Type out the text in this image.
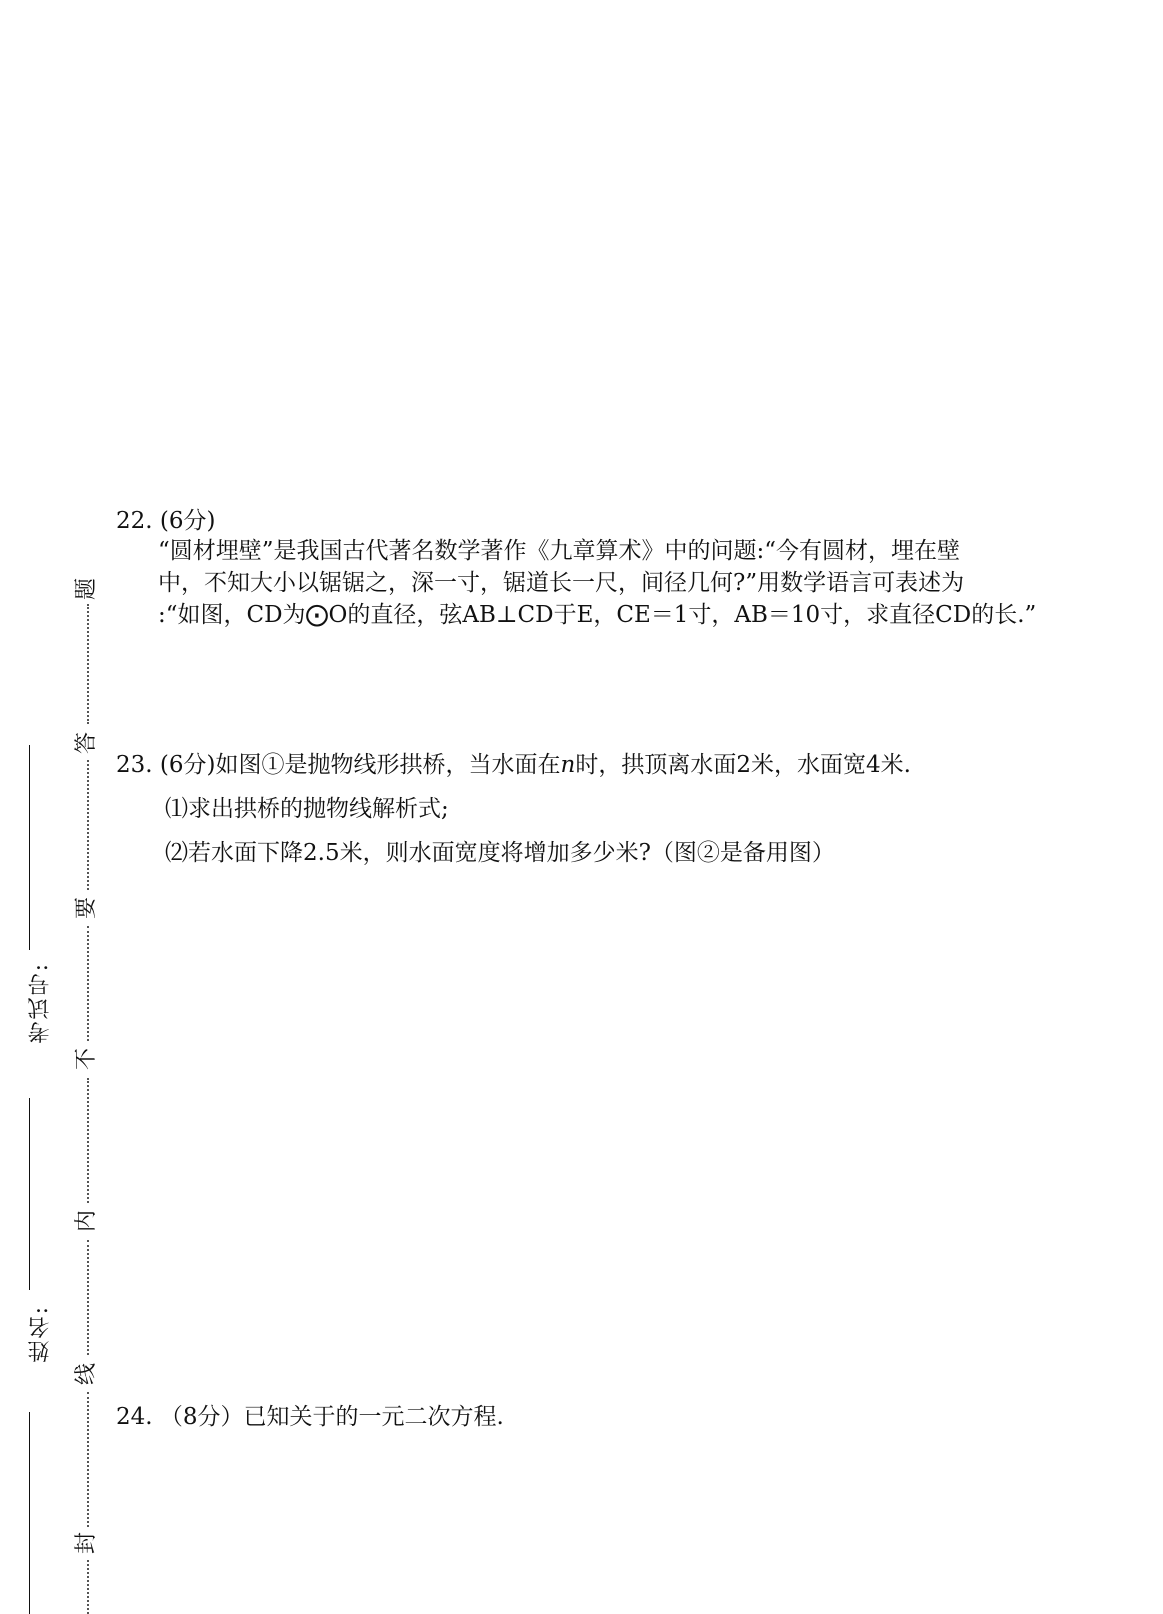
考试号:
姓名:
题
答
要
不
内
线
封
22. (6分)
“圆材埋壁”是我国古代著名数学著作《九章算术》中的问题:“今有圆材，埋在壁
中，不知大小以锯锯之，深一寸，锯道长一尺，间径几何?”用数学语言可表述为
:“如图，CD为⨀O的直径，弦AB⊥CD于E，CE＝1寸，AB＝10寸，求直径CD的长.”
23. (6分)如图①是抛物线形拱桥，当水面在n时，拱顶离水面2米，水面宽4米.
⑴求出拱桥的抛物线解析式;
⑵若水面下降2.5米，则水面宽度将增加多少米?（图②是备用图）
24. （8分）已知关于的一元二次方程.
